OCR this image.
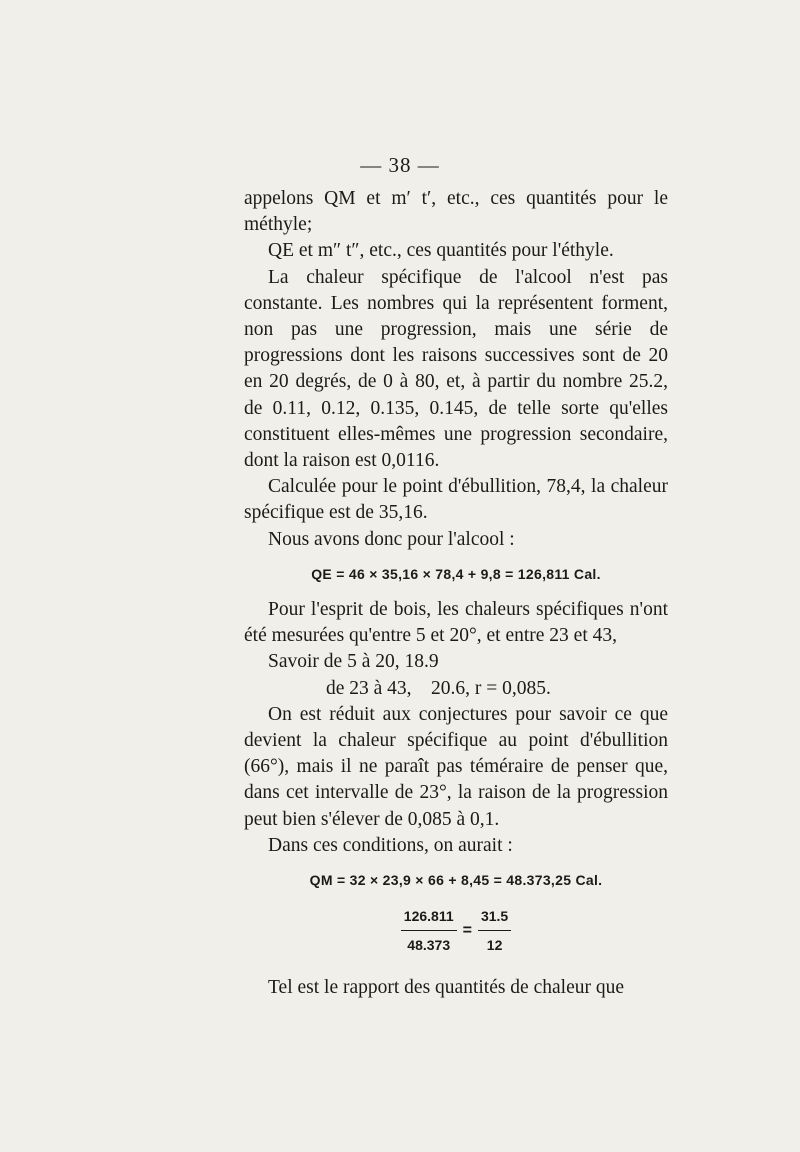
— 38 —

appelons QM et m′ t′, etc., ces quantités pour le méthyle;

QE et m″ t″, etc., ces quantités pour l'éthyle.

La chaleur spécifique de l'alcool n'est pas constante. Les nombres qui la représentent forment, non pas une progression, mais une série de progressions dont les raisons successives sont de 20 en 20 degrés, de 0 à 80, et, à partir du nombre 25.2, de 0.11, 0.12, 0.135, 0.145, de telle sorte qu'elles constituent elles-mêmes une progression secondaire, dont la raison est 0,0116.

Calculée pour le point d'ébullition, 78,4, la chaleur spécifique est de 35,16.

Nous avons donc pour l'alcool :

QE = 46 × 35,16 × 78,4 + 9,8 = 126,811 Cal.

Pour l'esprit de bois, les chaleurs spécifiques n'ont été mesurées qu'entre 5 et 20°, et entre 23 et 43,

Savoir de 5 à 20, 18.9
de 23 à 43,    20.6, r = 0,085.

On est réduit aux conjectures pour savoir ce que devient la chaleur spécifique au point d'ébullition (66°), mais il ne paraît pas téméraire de penser que, dans cet intervalle de 23°, la raison de la progression peut bien s'élever de 0,085 à 0,1.

Dans ces conditions, on aurait :

QM = 32 × 23,9 × 66 + 8,45 = 48.373,25 Cal.
$\frac{126.811}{48.373} = \frac{31.5}{12}$

Tel est le rapport des quantités de chaleur que
